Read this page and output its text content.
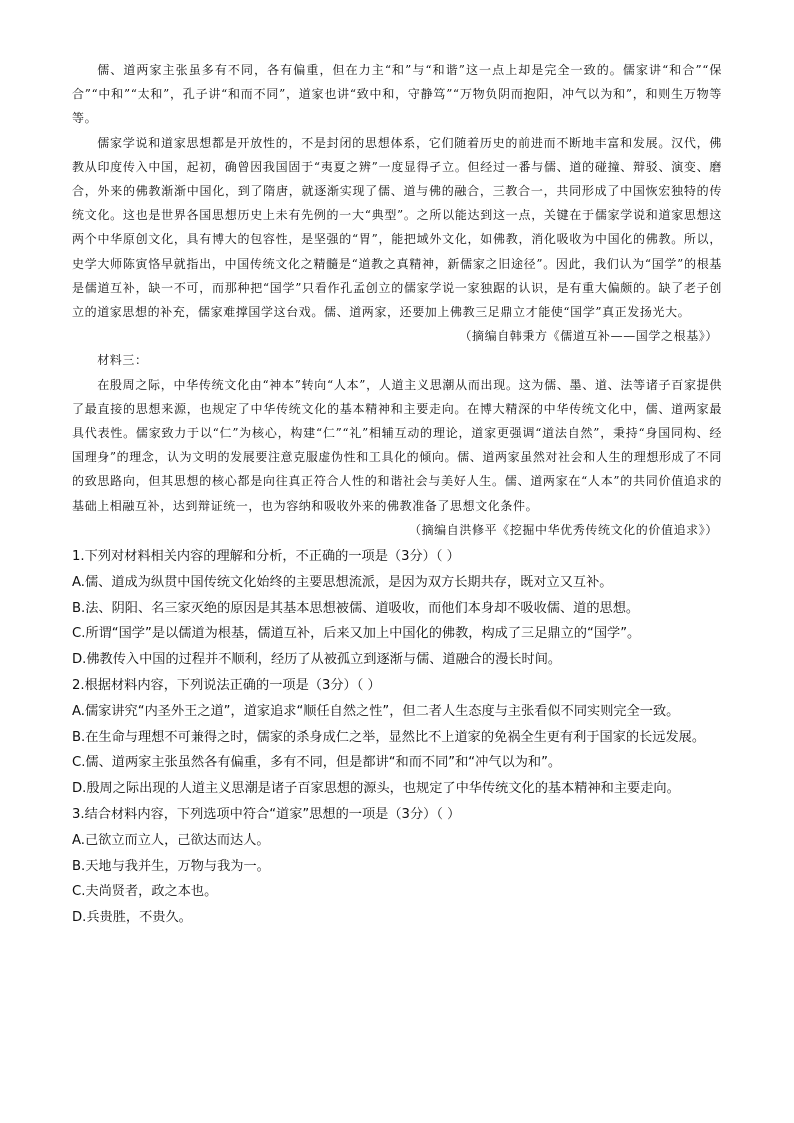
儒、道两家主张虽多有不同，各有偏重，但在力主“和”与“和谐”这一点上却是完全一致的。儒家讲“和合”“保合”“中和”“太和”，孔子讲“和而不同”，道家也讲“致中和，守静笃”“万物负阴而抱阳，冲气以为和”，和则生万物等等。

儒家学说和道家思想都是开放性的，不是封闭的思想体系，它们随着历史的前进而不断地丰富和发展。汉代，佛教从印度传入中国，起初，确曾因我国固于“夷夏之辨”一度显得孑立。但经过一番与儒、道的碰撞、辩驳、演变、磨合，外来的佛教渐渐中国化，到了隋唐，就逐渐实现了儒、道与佛的融合，三教合一，共同形成了中国恢宏独特的传统文化。这也是世界各国思想历史上未有先例的一大“典型”。之所以能达到这一点，关键在于儒家学说和道家思想这两个中华原创文化，具有博大的包容性，是坚强的“胃”，能把域外文化，如佛教，消化吸收为中国化的佛教。所以，史学大师陈寅恪早就指出，中国传统文化之精髓是“道教之真精神，新儒家之旧途径”。因此，我们认为“国学”的根基是儒道互补，缺一不可，而那种把“国学”只看作孔孟创立的儒家学说一家独踞的认识，是有重大偏颇的。缺了老子创立的道家思想的补充，儒家难撑国学这台戏。儒、道两家，还要加上佛教三足鼎立才能使“国学”真正发扬光大。

（摘编自韩秉方《儒道互补——国学之根基》）

材料三：

在殷周之际，中华传统文化由“神本”转向“人本”，人道主义思潮从而出现。这为儒、墨、道、法等诸子百家提供了最直接的思想来源，也规定了中华传统文化的基本精神和主要走向。在博大精深的中华传统文化中，儒、道两家最具代表性。儒家致力于以“仁”为核心，构建“仁”“礼”相辅互动的理论，道家更强调“道法自然”，秉持“身国同构、经国理身”的理念，认为文明的发展要注意克服虚伪性和工具化的倾向。儒、道两家虽然对社会和人生的理想形成了不同的致思路向，但其思想的核心都是向往真正符合人性的和谐社会与美好人生。儒、道两家在“人本”的共同价值追求的基础上相融互补，达到辩证统一，也为容纳和吸收外来的佛教准备了思想文化条件。

（摘编自洪修平《挖掘中华优秀传统文化的价值追求》）

1.下列对材料相关内容的理解和分析，不正确的一项是（3分）（ ）

A.儒、道成为纵贯中国传统文化始终的主要思想流派，是因为双方长期共存，既对立又互补。

B.法、阴阳、名三家灭绝的原因是其基本思想被儒、道吸收，而他们本身却不吸收儒、道的思想。

C.所谓“国学”是以儒道为根基，儒道互补，后来又加上中国化的佛教，构成了三足鼎立的“国学”。

D.佛教传入中国的过程并不顺利，经历了从被孤立到逐渐与儒、道融合的漫长时间。

2.根据材料内容，下列说法正确的一项是（3分）（ ）

A.儒家讲究“内圣外王之道”，道家追求“顺任自然之性”，但二者人生态度与主张看似不同实则完全一致。

B.在生命与理想不可兼得之时，儒家的杀身成仁之举，显然比不上道家的免祸全生更有利于国家的长远发展。

C.儒、道两家主张虽然各有偏重，多有不同，但是都讲“和而不同”和“冲气以为和”。

D.殷周之际出现的人道主义思潮是诸子百家思想的源头，也规定了中华传统文化的基本精神和主要走向。

3.结合材料内容，下列选项中符合“道家”思想的一项是（3分）（ ）

A.己欲立而立人，己欲达而达人。

B.天地与我并生，万物与我为一。

C.夫尚贤者，政之本也。

D.兵贵胜，不贵久。
